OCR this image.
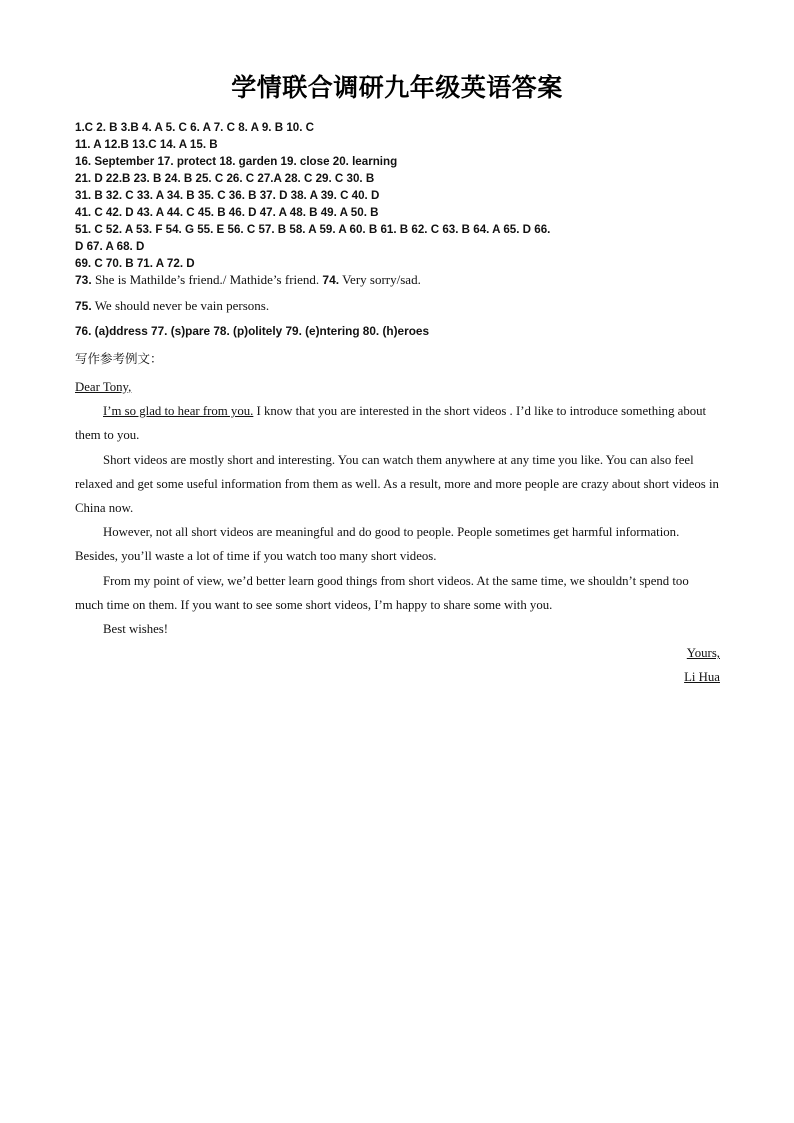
学情联合调研九年级英语答案
1.C 2. B 3.B 4. A 5. C 6. A 7. C 8. A 9. B 10. C
11. A 12.B 13.C 14. A 15. B
16. September 17. protect 18. garden 19. close 20. learning
21. D 22.B 23. B 24. B 25. C 26. C 27.A 28. C 29. C 30. B
31. B 32. C 33. A 34. B 35. C 36. B 37. D 38. A 39. C 40. D
41. C 42. D 43. A 44. C 45. B 46. D 47. A 48. B 49. A 50. B
51. C 52. A 53. F 54. G 55. E 56. C 57. B 58. A 59. A 60. B 61. B 62. C 63. B 64. A 65. D 66.
D 67. A 68. D
69. C 70. B 71. A 72. D
73. She is Mathilde’s friend./ Mathide’s friend. 74. Very sorry/sad.
75. We should never be vain persons.
76. (a)ddress 77. (s)pare 78. (p)olitely 79. (e)ntering 80. (h)eroes
写作参考例文：

Dear Tony,

I’m so glad to hear from you. I know that you are interested in the short videos . I’d like to introduce something about them to you.

Short videos are mostly short and interesting. You can watch them anywhere at any time you like. You can also feel relaxed and get some useful information from them as well. As a result, more and more people are crazy about short videos in China now.

However, not all short videos are meaningful and do good to people. People sometimes get harmful information. Besides, you’ll waste a lot of time if you watch too many short videos.

From my point of view, we’d better learn good things from short videos. At the same time, we shouldn’t spend too much time on them. If you want to see some short videos, I’m happy to share some with you.

Best wishes!

Yours,

Li Hua
